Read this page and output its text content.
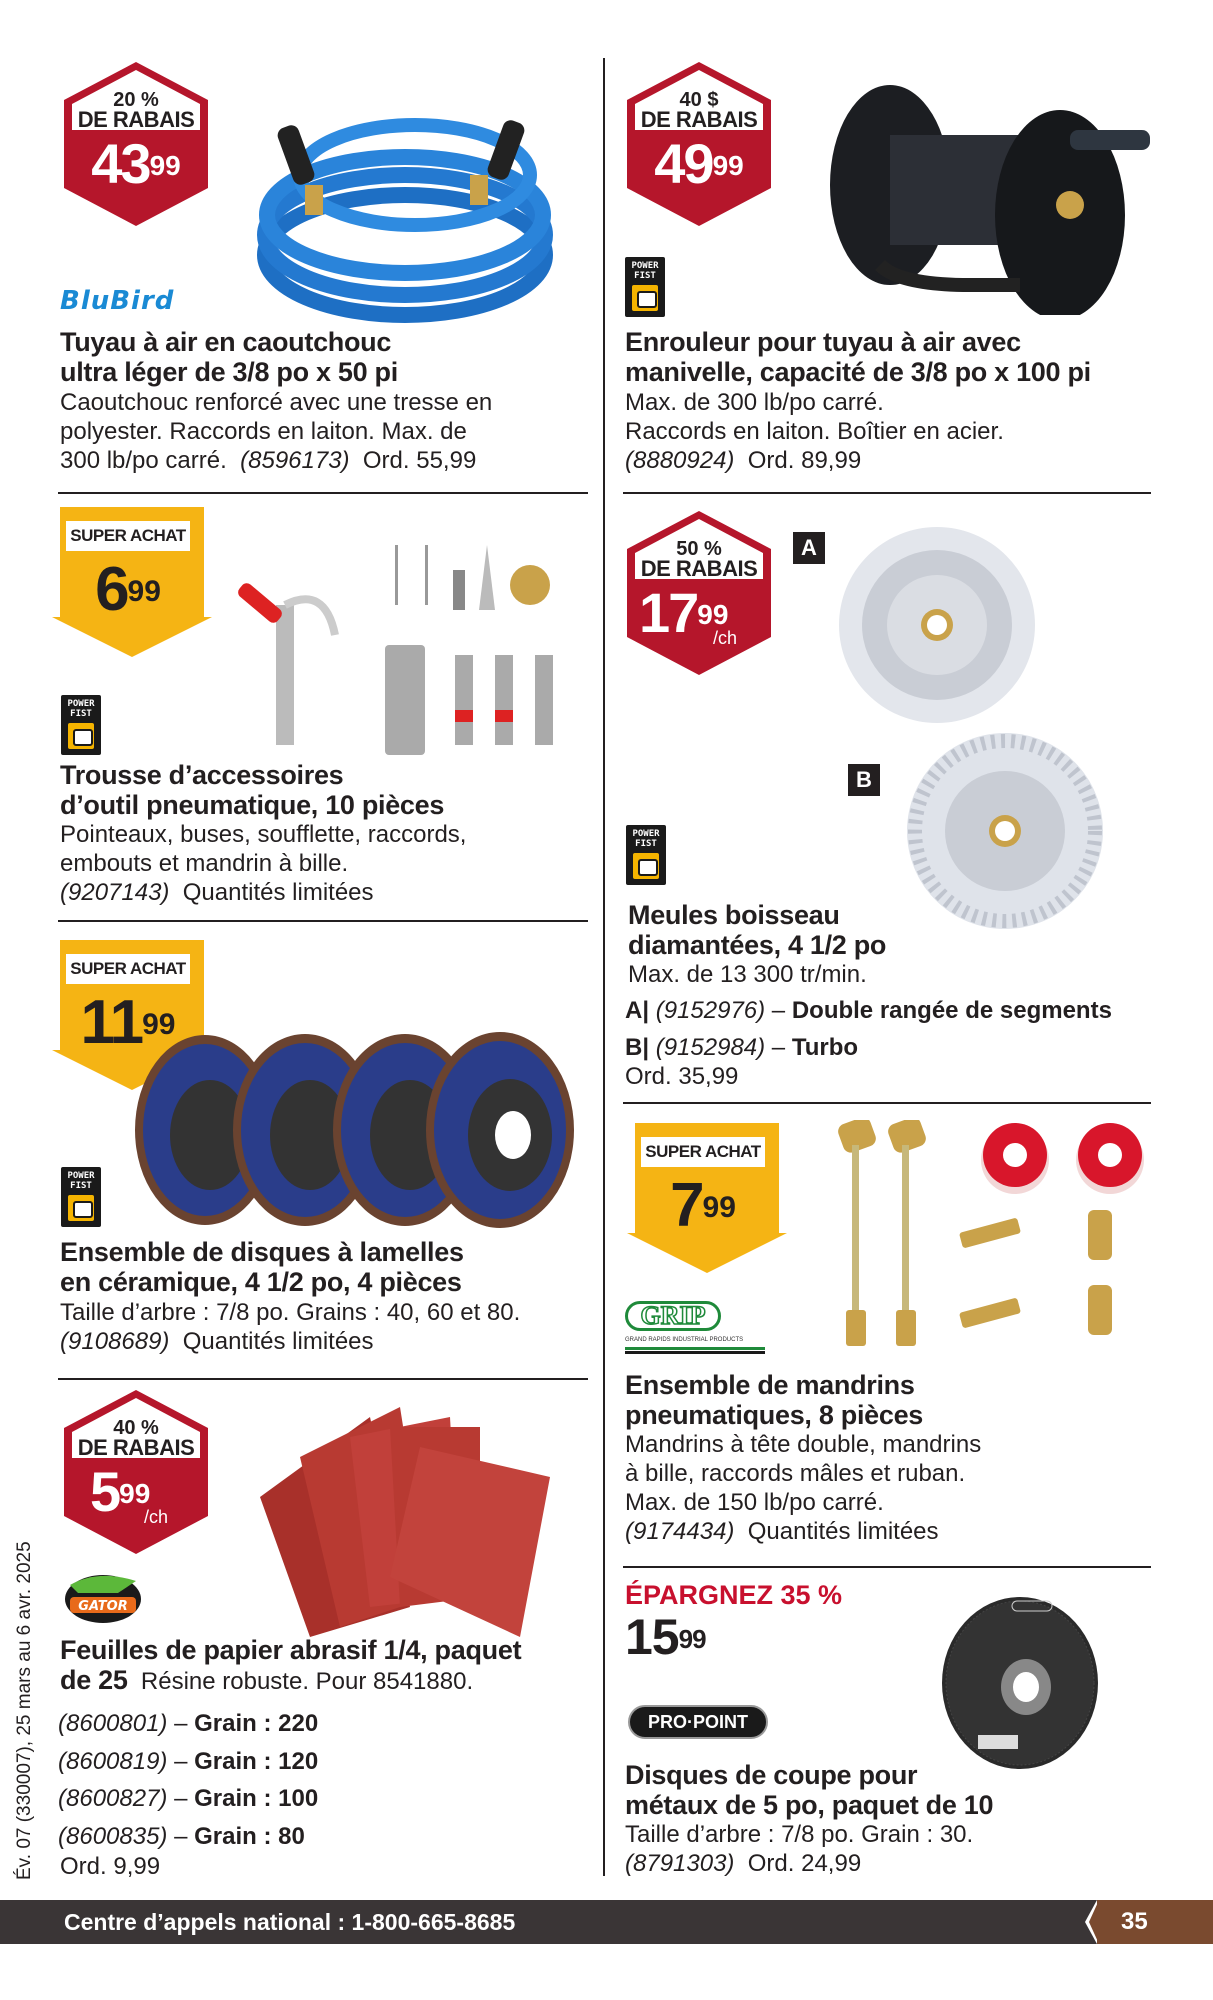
20 %
DE RABAIS
$43^{99}$
BluBird
Tuyau à air en caoutchouc
ultra léger de 3/8 po x 50 pi
Caoutchouc renforcé avec une tresse en
polyester. Raccords en laiton. Max. de
300 lb/po carré. (8596173) Ord. 55,99
40 $
DE RABAIS
$49^{99}$
POWER FIST
Enrouleur pour tuyau à air avec
manivelle, capacité de 3/8 po x 100 pi
Max. de 300 lb/po carré.
Raccords en laiton. Boîtier en acier.
(8880924) Ord. 89,99
SUPER ACHAT
$6^{99}$
POWER FIST
Trousse d’accessoires
d’outil pneumatique, 10 pièces
Pointeaux, buses, soufflette, raccords,
embouts et mandrin à bille.
(9207143) Quantités limitées
50 %
DE RABAIS
$17^{99}$
/ch
A
B
POWER FIST
Meules boisseau
diamantées, 4 1/2 po
Max. de 13 300 tr/min.
A| (9152976) – Double rangée de segments
B| (9152984) – Turbo
Ord. 35,99
SUPER ACHAT
$11^{99}$
POWER FIST
Ensemble de disques à lamelles
en céramique, 4 1/2 po, 4 pièces
Taille d’arbre : 7/8 po. Grains : 40, 60 et 80.
(9108689) Quantités limitées
SUPER ACHAT
$7^{99}$
GRIP
GRAND RAPIDS INDUSTRIAL PRODUCTS
Ensemble de mandrins
pneumatiques, 8 pièces
Mandrins à tête double, mandrins
à bille, raccords mâles et ruban.
Max. de 150 lb/po carré.
(9174434) Quantités limitées
40 %
DE RABAIS
$5^{99}$
/ch
GATOR
Feuilles de papier abrasif 1/4, paquet
de 25 Résine robuste. Pour 8541880.
(8600801) – Grain : 220
(8600819) – Grain : 120
(8600827) – Grain : 100
(8600835) – Grain : 80
Ord. 9,99
ÉPARGNEZ 35 %
$15^{99}$
PRO·POINT
Disques de coupe pour
métaux de 5 po, paquet de 10
Taille d’arbre : 7/8 po. Grain : 30.
(8791303) Ord. 24,99
Év. 07 (330007), 25 mars au 6 avr. 2025
Centre d’appels national : 1-800-665-8685	35
